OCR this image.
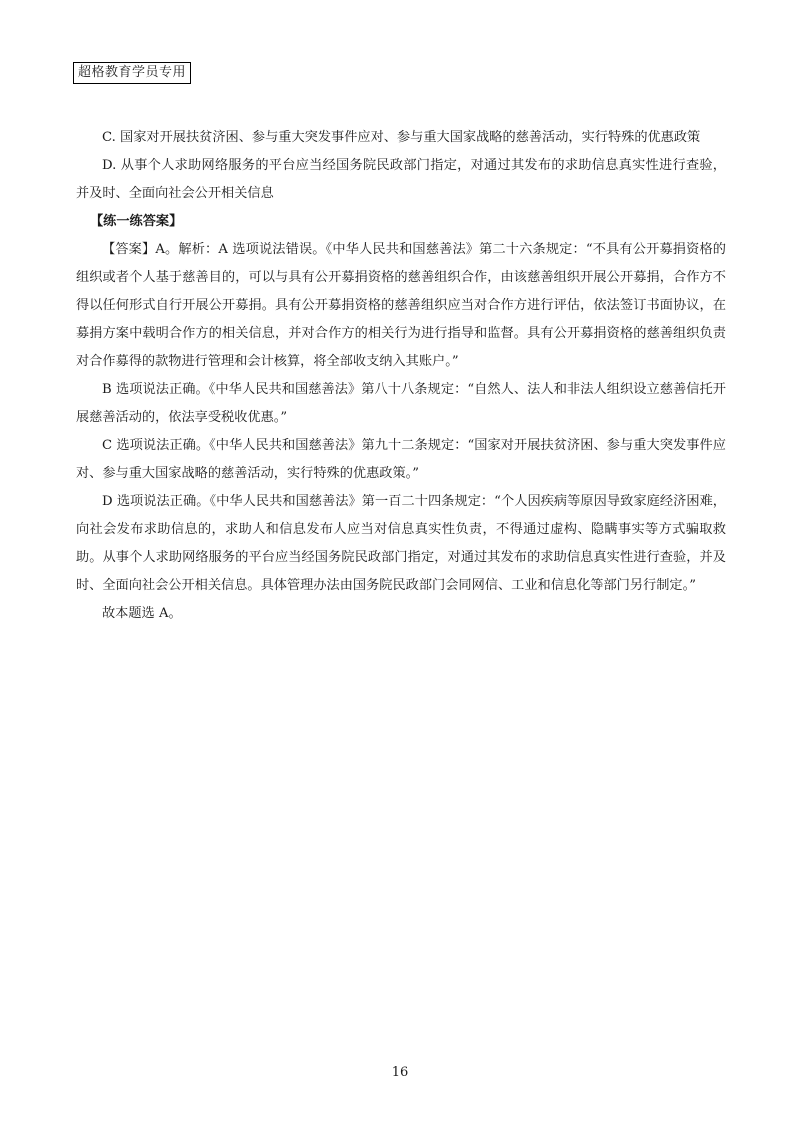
超格教育学员专用

C. 国家对开展扶贫济困、参与重大突发事件应对、参与重大国家战略的慈善活动，实行特殊的优惠政策

D. 从事个人求助网络服务的平台应当经国务院民政部门指定，对通过其发布的求助信息真实性进行查验，并及时、全面向社会公开相关信息

【练一练答案】

【答案】A。解析：A 选项说法错误。《中华人民共和国慈善法》第二十六条规定：“不具有公开募捐资格的组织或者个人基于慈善目的，可以与具有公开募捐资格的慈善组织合作，由该慈善组织开展公开募捐，合作方不得以任何形式自行开展公开募捐。具有公开募捐资格的慈善组织应当对合作方进行评估，依法签订书面协议，在募捐方案中载明合作方的相关信息，并对合作方的相关行为进行指导和监督。具有公开募捐资格的慈善组织负责对合作募得的款物进行管理和会计核算，将全部收支纳入其账户。”

B 选项说法正确。《中华人民共和国慈善法》第八十八条规定：“自然人、法人和非法人组织设立慈善信托开展慈善活动的，依法享受税收优惠。”

C 选项说法正确。《中华人民共和国慈善法》第九十二条规定：“国家对开展扶贫济困、参与重大突发事件应对、参与重大国家战略的慈善活动，实行特殊的优惠政策。”

D 选项说法正确。《中华人民共和国慈善法》第一百二十四条规定：“个人因疾病等原因导致家庭经济困难，向社会发布求助信息的，求助人和信息发布人应当对信息真实性负责，不得通过虚构、隐瞒事实等方式骗取救助。从事个人求助网络服务的平台应当经国务院民政部门指定，对通过其发布的求助信息真实性进行查验，并及时、全面向社会公开相关信息。具体管理办法由国务院民政部门会同网信、工业和信息化等部门另行制定。”

故本题选 A。

16
